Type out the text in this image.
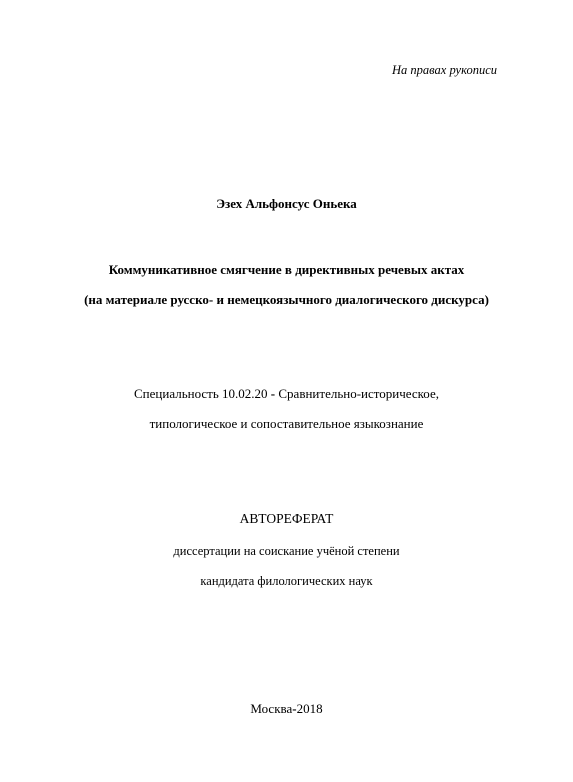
На правах рукописи
Эзех Альфонсус Оньека
Коммуникативное смягчение в директивных речевых актах
(на материале русско- и немецкоязычного диалогического дискурса)
Специальность 10.02.20 - Сравнительно-историческое,
типологическое и сопоставительное языкознание
АВТОРЕФЕРАТ
диссертации на соискание учёной степени
кандидата филологических наук
Москва-2018
